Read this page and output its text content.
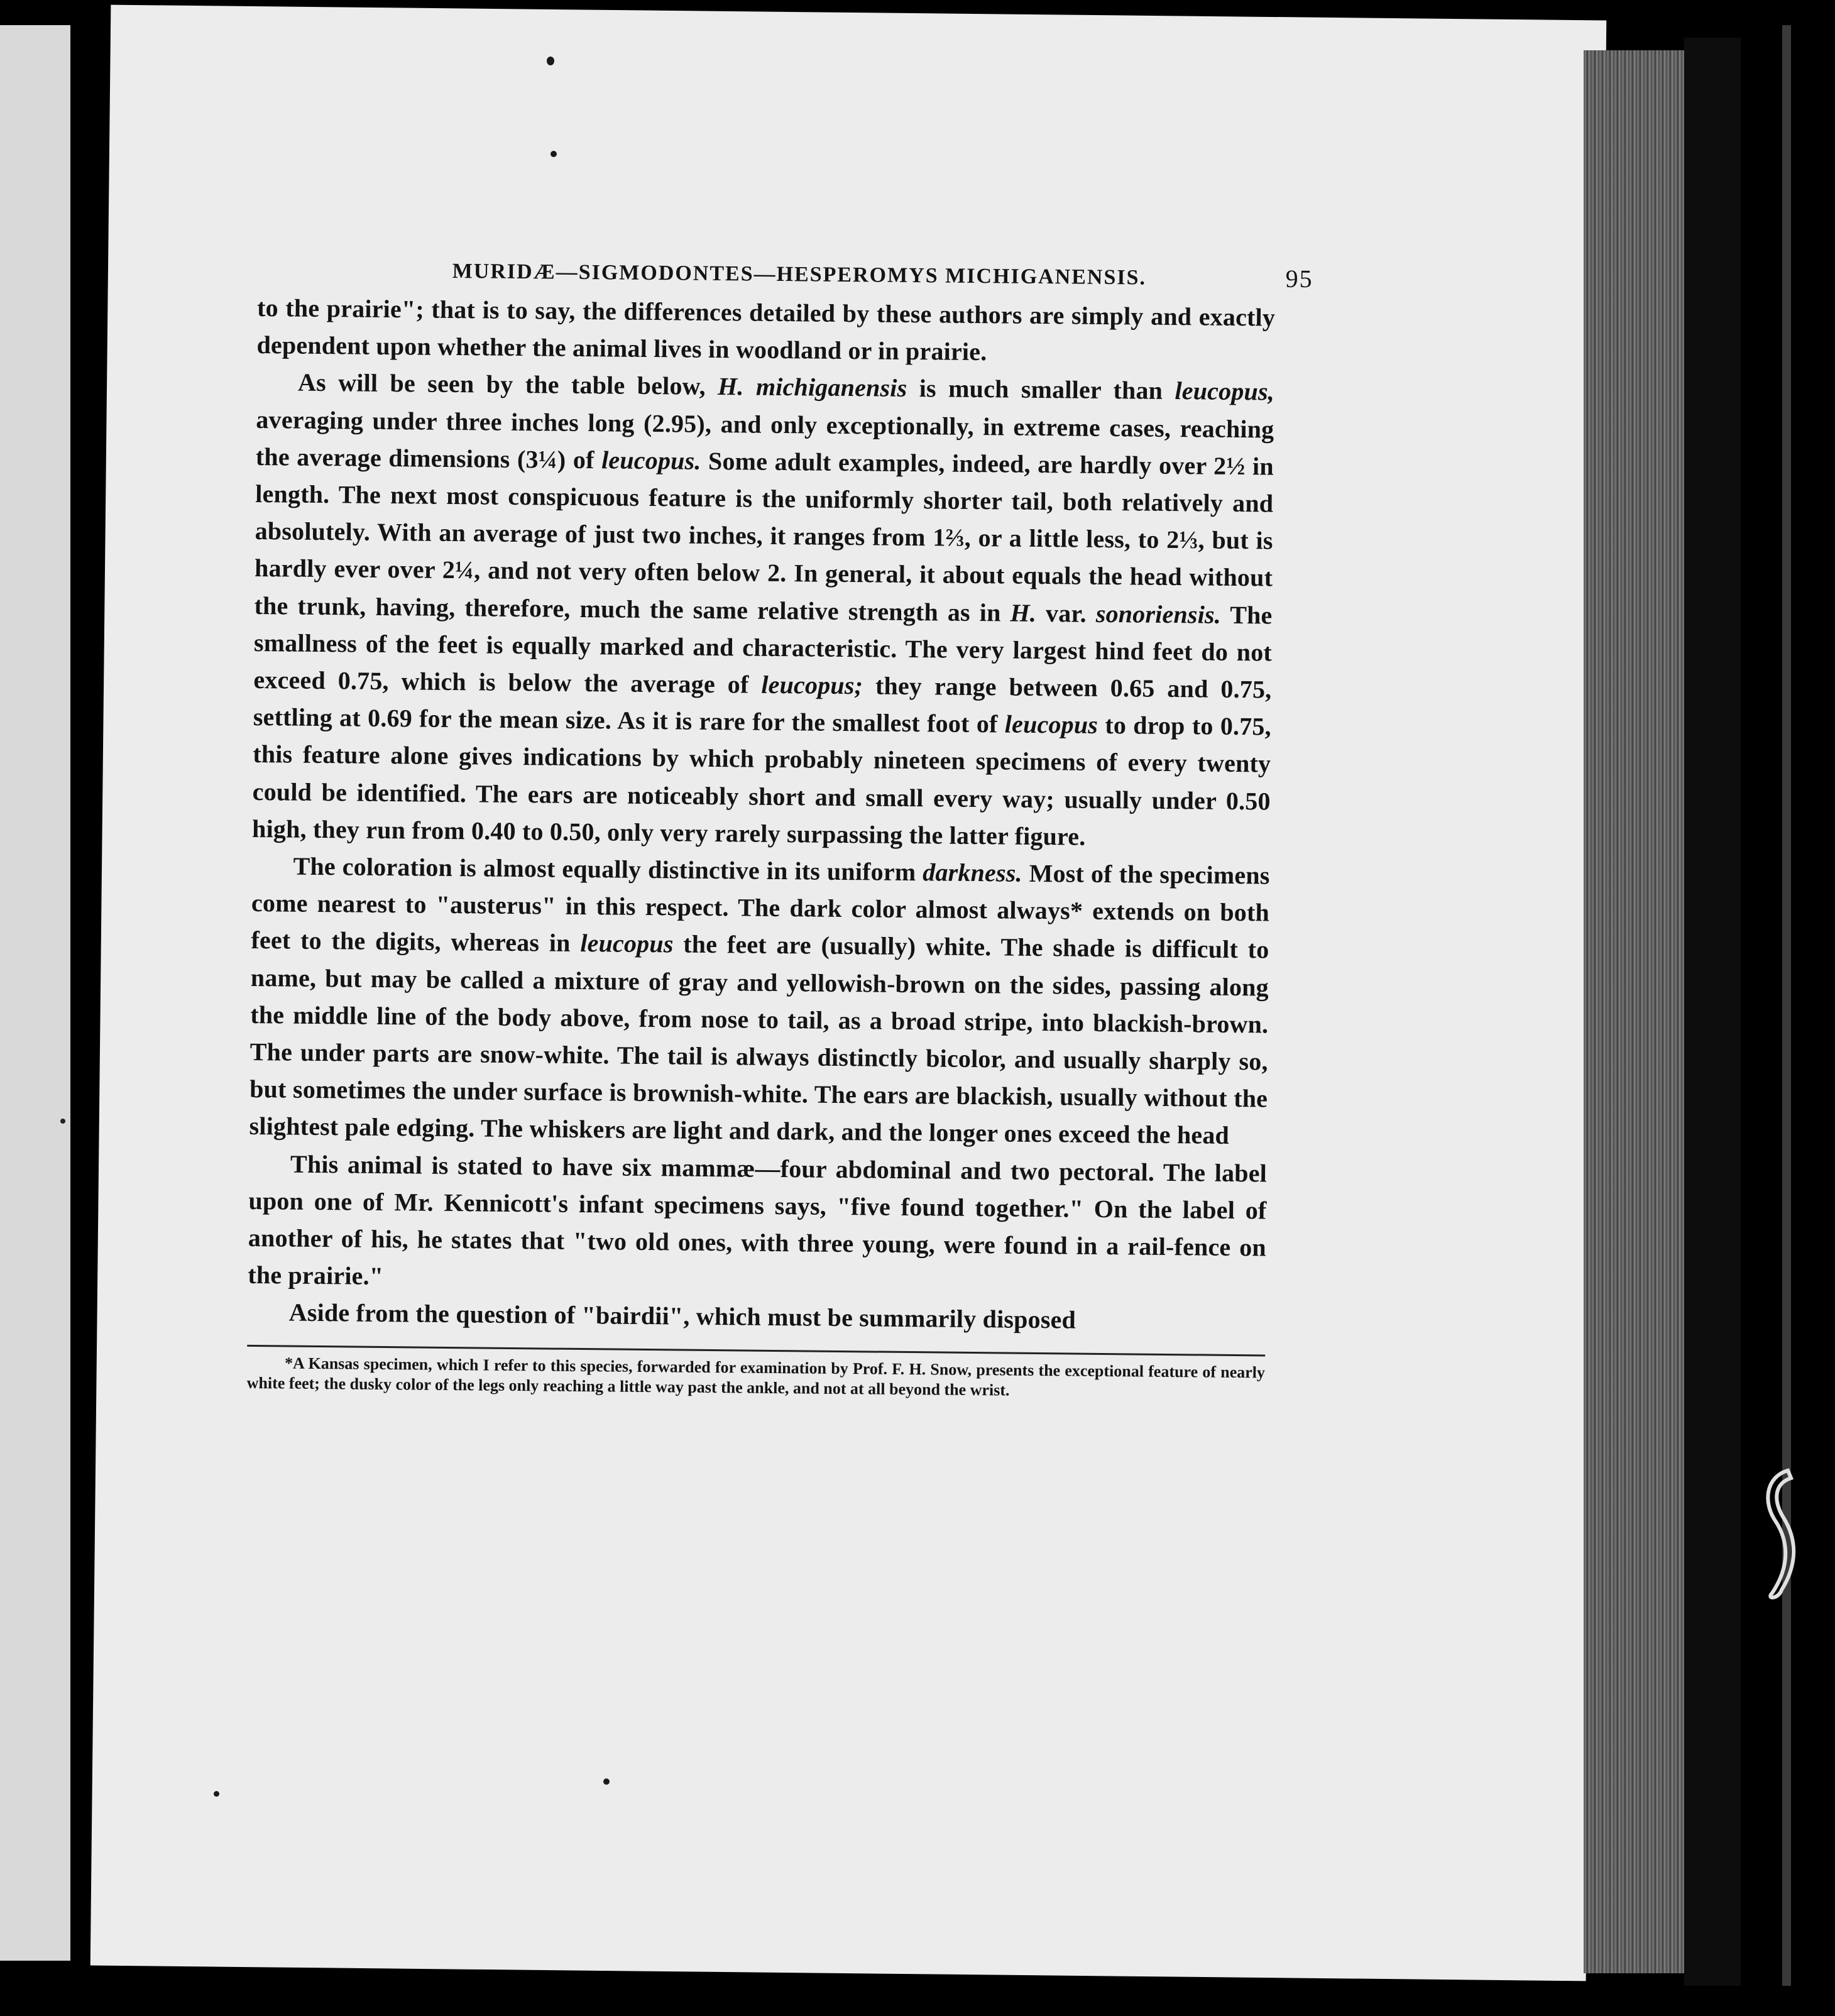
MURIDÆ—SIGMODONTES—HESPEROMYS MICHIGANENSIS.	95

to the prairie"; that is to say, the differences detailed by these authors are simply and exactly dependent upon whether the animal lives in woodland or in prairie.

As will be seen by the table below, H. michiganensis is much smaller than leucopus, averaging under three inches long (2.95), and only exceptionally, in extreme cases, reaching the average dimensions (3¼) of leucopus. Some adult examples, indeed, are hardly over 2½ in length. The next most conspicuous feature is the uniformly shorter tail, both relatively and absolutely. With an average of just two inches, it ranges from 1⅔, or a little less, to 2⅓, but is hardly ever over 2¼, and not very often below 2. In general, it about equals the head without the trunk, having, therefore, much the same relative strength as in H. var. sonoriensis. The smallness of the feet is equally marked and characteristic. The very largest hind feet do not exceed 0.75, which is below the average of leucopus; they range between 0.65 and 0.75, settling at 0.69 for the mean size. As it is rare for the smallest foot of leucopus to drop to 0.75, this feature alone gives indications by which probably nineteen specimens of every twenty could be identified. The ears are noticeably short and small every way; usually under 0.50 high, they run from 0.40 to 0.50, only very rarely surpassing the latter figure.

The coloration is almost equally distinctive in its uniform darkness. Most of the specimens come nearest to "austerus" in this respect. The dark color almost always* extends on both feet to the digits, whereas in leucopus the feet are (usually) white. The shade is difficult to name, but may be called a mixture of gray and yellowish-brown on the sides, passing along the middle line of the body above, from nose to tail, as a broad stripe, into blackish-brown. The under parts are snow-white. The tail is always distinctly bicolor, and usually sharply so, but sometimes the under surface is brownish-white. The ears are blackish, usually without the slightest pale edging. The whiskers are light and dark, and the longer ones exceed the head

This animal is stated to have six mammæ—four abdominal and two pectoral. The label upon one of Mr. Kennicott's infant specimens says, "five found together." On the label of another of his, he states that "two old ones, with three young, were found in a rail-fence on the prairie."

Aside from the question of "bairdii", which must be summarily disposed

*A Kansas specimen, which I refer to this species, forwarded for examination by Prof. F. H. Snow, presents the exceptional feature of nearly white feet; the dusky color of the legs only reaching a little way past the ankle, and not at all beyond the wrist.
